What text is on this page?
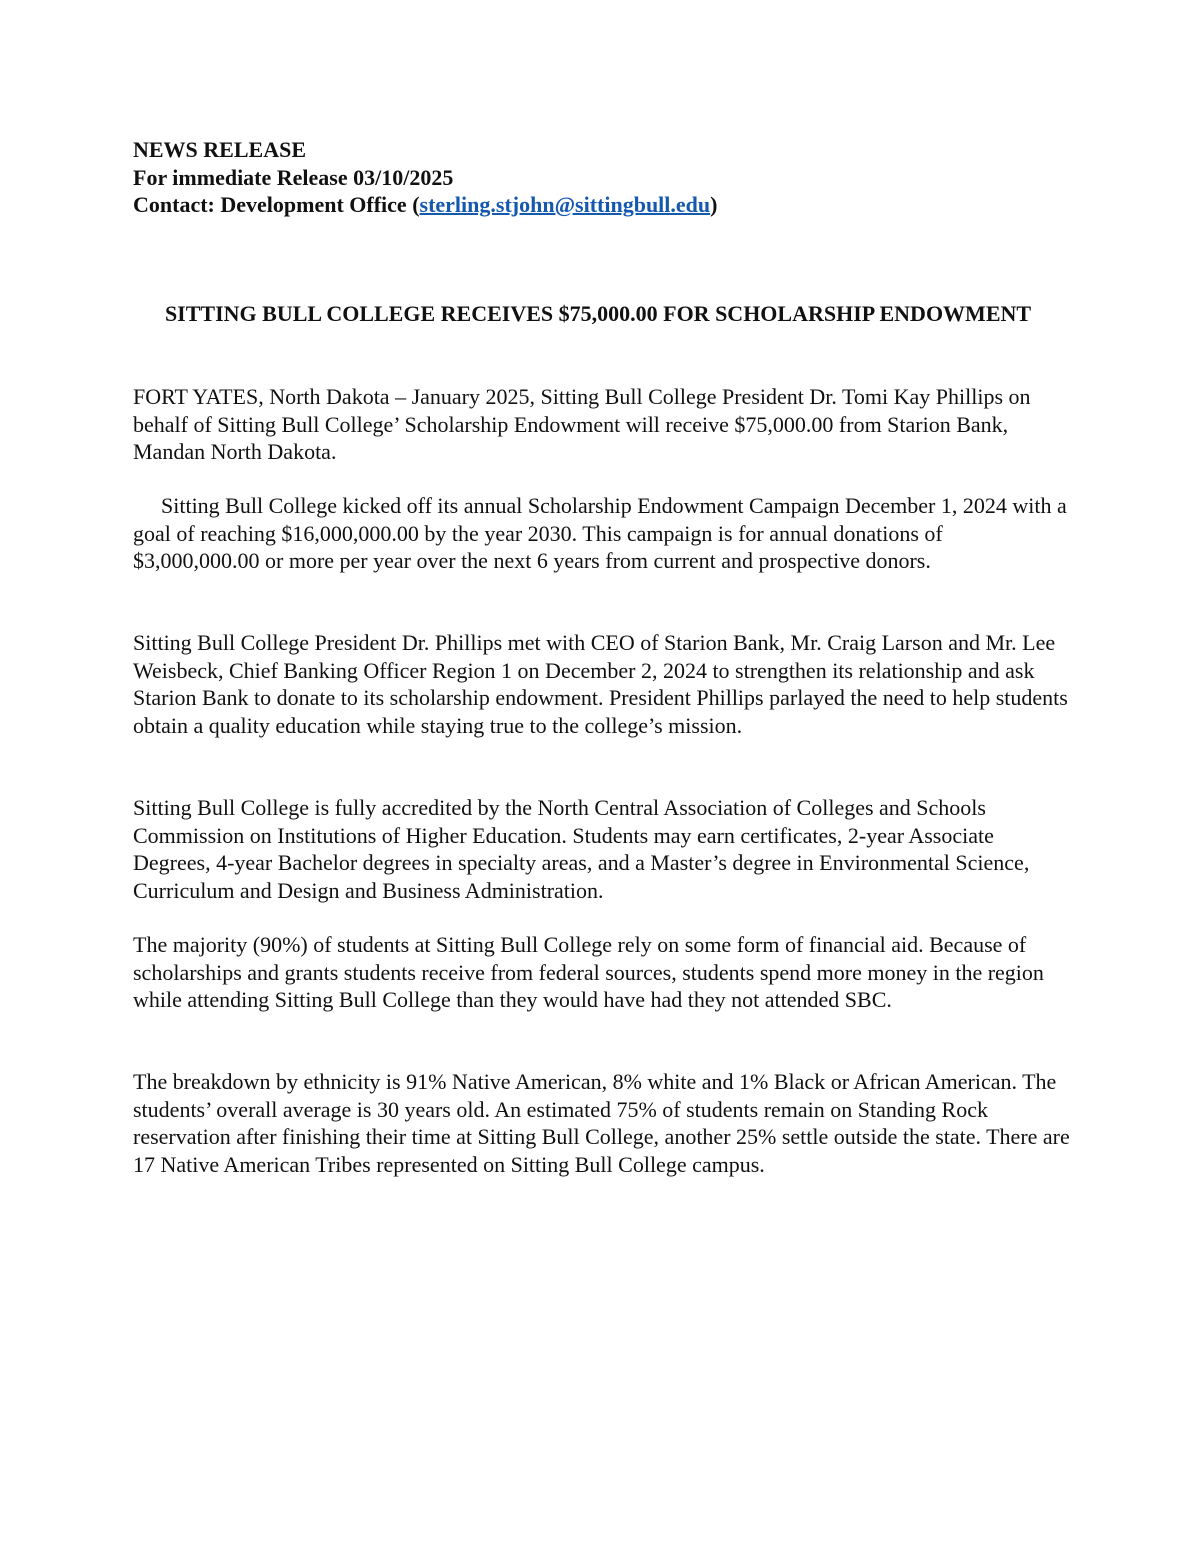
NEWS RELEASE
For immediate Release 03/10/2025
Contact: Development Office (sterling.stjohn@sittingbull.edu)
SITTING BULL COLLEGE RECEIVES $75,000.00 FOR SCHOLARSHIP ENDOWMENT

FORT YATES, North Dakota – January 2025, Sitting Bull College President Dr. Tomi Kay Phillips on behalf of Sitting Bull College’ Scholarship Endowment will receive $75,000.00 from Starion Bank, Mandan North Dakota.

Sitting Bull College kicked off its annual Scholarship Endowment Campaign December 1, 2024 with a goal of reaching $16,000,000.00 by the year 2030. This campaign is for annual donations of $3,000,000.00 or more per year over the next 6 years from current and prospective donors.

Sitting Bull College President Dr. Phillips met with CEO of Starion Bank, Mr. Craig Larson and Mr. Lee Weisbeck, Chief Banking Officer Region 1 on December 2, 2024 to strengthen its relationship and ask Starion Bank to donate to its scholarship endowment. President Phillips parlayed the need to help students obtain a quality education while staying true to the college’s mission.

Sitting Bull College is fully accredited by the North Central Association of Colleges and Schools Commission on Institutions of Higher Education. Students may earn certificates, 2-year Associate Degrees, 4-year Bachelor degrees in specialty areas, and a Master’s degree in Environmental Science, Curriculum and Design and Business Administration.

The majority (90%) of students at Sitting Bull College rely on some form of financial aid. Because of scholarships and grants students receive from federal sources, students spend more money in the region while attending Sitting Bull College than they would have had they not attended SBC.

The breakdown by ethnicity is 91% Native American, 8% white and 1% Black or African American. The students’ overall average is 30 years old. An estimated 75% of students remain on Standing Rock reservation after finishing their time at Sitting Bull College, another 25% settle outside the state. There are 17 Native American Tribes represented on Sitting Bull College campus.
